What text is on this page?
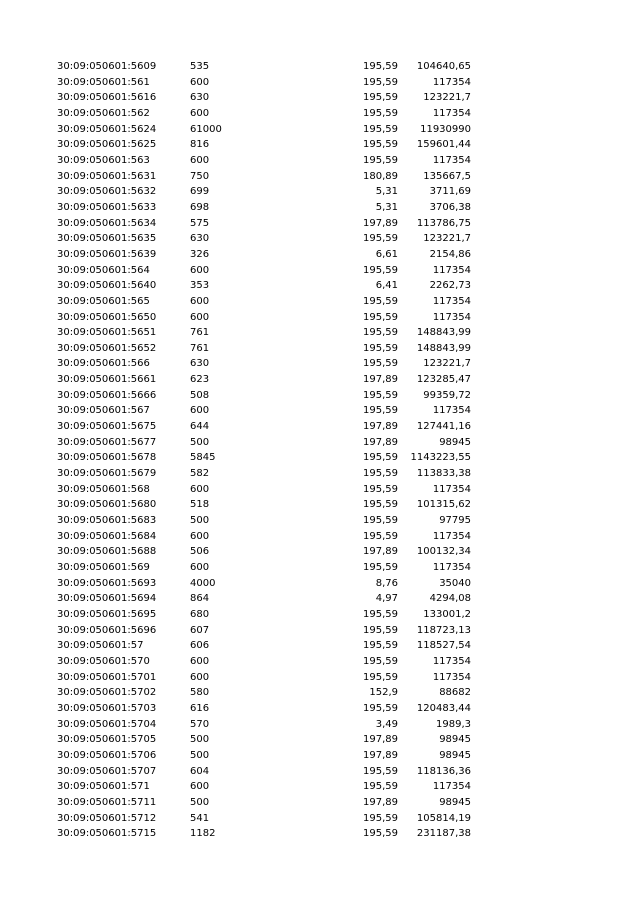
30:09:050601:5609	535	195,59	104640,65
30:09:050601:561	600	195,59	117354
30:09:050601:5616	630	195,59	123221,7
30:09:050601:562	600	195,59	117354
30:09:050601:5624	61000	195,59	11930990
30:09:050601:5625	816	195,59	159601,44
30:09:050601:563	600	195,59	117354
30:09:050601:5631	750	180,89	135667,5
30:09:050601:5632	699	5,31	3711,69
30:09:050601:5633	698	5,31	3706,38
30:09:050601:5634	575	197,89	113786,75
30:09:050601:5635	630	195,59	123221,7
30:09:050601:5639	326	6,61	2154,86
30:09:050601:564	600	195,59	117354
30:09:050601:5640	353	6,41	2262,73
30:09:050601:565	600	195,59	117354
30:09:050601:5650	600	195,59	117354
30:09:050601:5651	761	195,59	148843,99
30:09:050601:5652	761	195,59	148843,99
30:09:050601:566	630	195,59	123221,7
30:09:050601:5661	623	197,89	123285,47
30:09:050601:5666	508	195,59	99359,72
30:09:050601:567	600	195,59	117354
30:09:050601:5675	644	197,89	127441,16
30:09:050601:5677	500	197,89	98945
30:09:050601:5678	5845	195,59	1143223,55
30:09:050601:5679	582	195,59	113833,38
30:09:050601:568	600	195,59	117354
30:09:050601:5680	518	195,59	101315,62
30:09:050601:5683	500	195,59	97795
30:09:050601:5684	600	195,59	117354
30:09:050601:5688	506	197,89	100132,34
30:09:050601:569	600	195,59	117354
30:09:050601:5693	4000	8,76	35040
30:09:050601:5694	864	4,97	4294,08
30:09:050601:5695	680	195,59	133001,2
30:09:050601:5696	607	195,59	118723,13
30:09:050601:57	606	195,59	118527,54
30:09:050601:570	600	195,59	117354
30:09:050601:5701	600	195,59	117354
30:09:050601:5702	580	152,9	88682
30:09:050601:5703	616	195,59	120483,44
30:09:050601:5704	570	3,49	1989,3
30:09:050601:5705	500	197,89	98945
30:09:050601:5706	500	197,89	98945
30:09:050601:5707	604	195,59	118136,36
30:09:050601:571	600	195,59	117354
30:09:050601:5711	500	197,89	98945
30:09:050601:5712	541	195,59	105814,19
30:09:050601:5715	1182	195,59	231187,38
